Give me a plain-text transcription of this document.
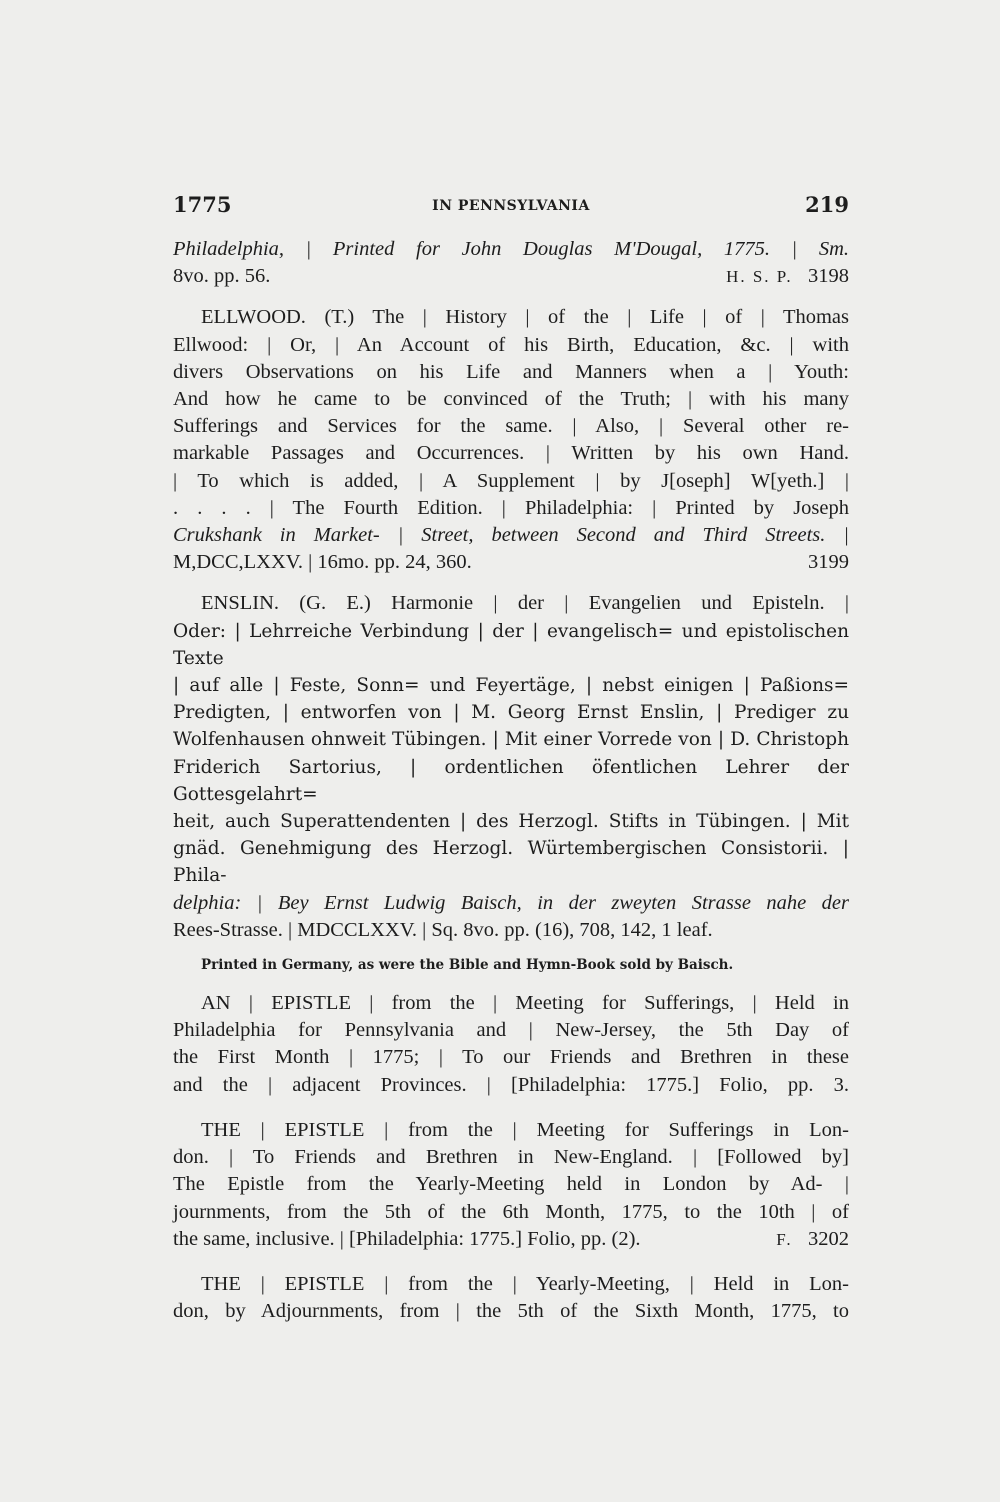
1775	IN PENNSYLVANIA	219
Philadelphia, | Printed for John Douglas M'Dougal, 1775. | Sm.
8vo. pp. 56.	H. S. P. 3198
ELLWOOD. (T.) The | History | of the | Life | of | Thomas
Ellwood: | Or, | An Account of his Birth, Education, &c. | with
divers Observations on his Life and Manners when a | Youth:
And how he came to be convinced of the Truth; | with his many
Sufferings and Services for the same. | Also, | Several other re-
markable Passages and Occurrences. | Written by his own Hand.
| To which is added, | A Supplement | by J[oseph] W[yeth.] |
. . . . | The Fourth Edition. | Philadelphia: | Printed by Joseph
Crukshank in Market- | Street, between Second and Third Streets. |
M,DCC,LXXV. | 16mo. pp. 24, 360.	3199
ENSLIN. (G. E.) Harmonie | der | Evangelien und Episteln. |
Oder: | Lehrreiche Verbindung | der | evangelisch= und epistolischen Texte
| auf alle | Feste, Sonn= und Feyertäge, | nebst einigen | Paßions=
Predigten, | entworfen von | M. Georg Ernst Enslin, | Prediger zu
Wolfenhausen ohnweit Tübingen. | Mit einer Vorrede von | D. Christoph
Friderich Sartorius, | ordentlichen öfentlichen Lehrer der Gottesgelahrt=
heit, auch Superattendenten | des Herzogl. Stifts in Tübingen. | Mit
gnäd. Genehmigung des Herzogl. Würtembergischen Consistorii. | Phila-
delphia: | Bey Ernst Ludwig Baisch, in der zweyten Strasse nahe der
Rees-Strasse. | MDCCLXXV. | Sq. 8vo. pp. (16), 708, 142, 1 leaf.
Printed in Germany, as were the Bible and Hymn-Book sold by Baisch.
AN | EPISTLE | from the | Meeting for Sufferings, | Held in
Philadelphia for Pennsylvania and | New-Jersey, the 5th Day of
the First Month | 1775; | To our Friends and Brethren in these
and the | adjacent Provinces. | [Philadelphia: 1775.] Folio, pp. 3.
THE | EPISTLE | from the | Meeting for Sufferings in Lon-
don. | To Friends and Brethren in New-England. | [Followed by]
The Epistle from the Yearly-Meeting held in London by Ad- |
journments, from the 5th of the 6th Month, 1775, to the 10th | of
the same, inclusive. | [Philadelphia: 1775.] Folio, pp. (2).	F. 3202
THE | EPISTLE | from the | Yearly-Meeting, | Held in Lon-
don, by Adjournments, from | the 5th of the Sixth Month, 1775, to
